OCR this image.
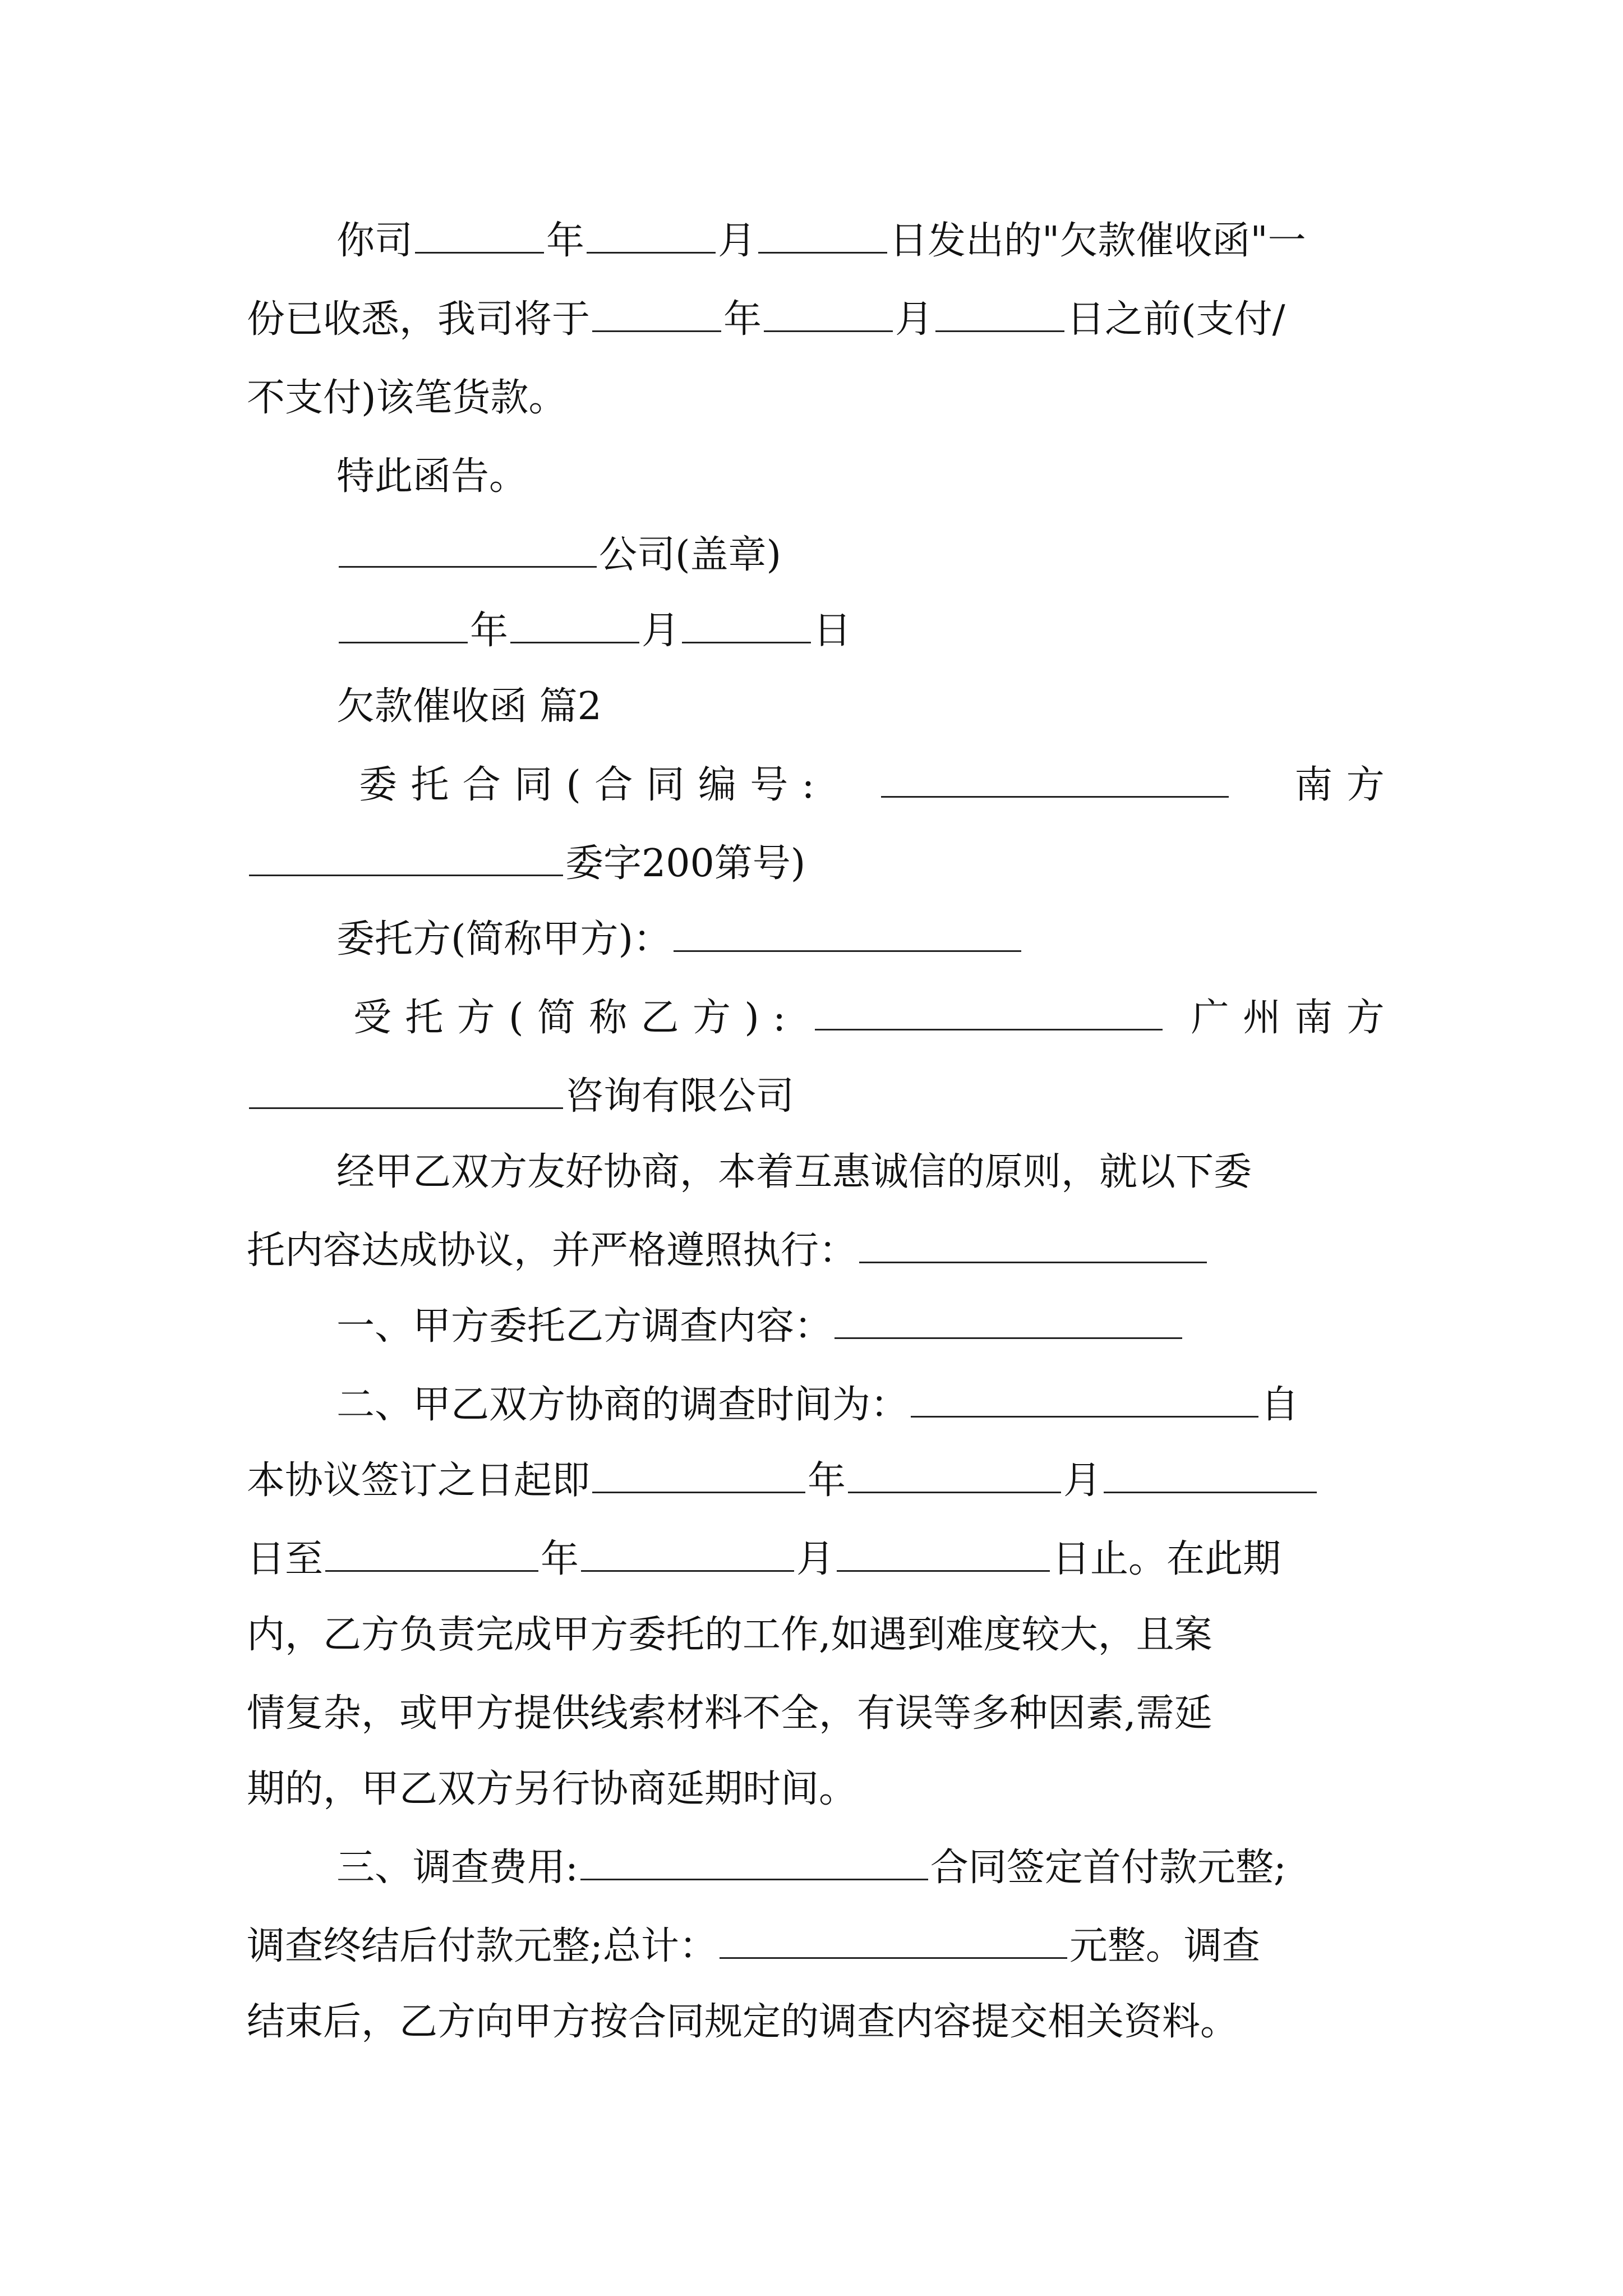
你司	年	月	日发出的"欠款催收函"一
份已收悉，我司将于	年	月	日之前(支付/
不支付)该笔货款。
特此函告。
公司(盖章)
年	月	日
欠款催收函 篇2
委 托 合 同 ( 合 同 编 号 :	南 方
委字200第号)
委托方(简称甲方)：
受 托 方 ( 简 称 乙 方 ) :	广 州 南 方
咨询有限公司
经甲乙双方友好协商，本着互惠诚信的原则，就以下委
托内容达成协议，并严格遵照执行：
一、甲方委托乙方调查内容：
二、甲乙双方协商的调查时间为：	自
本协议签订之日起即	年	月
日至	年	月	日止。在此期
内，乙方负责完成甲方委托的工作,如遇到难度较大，且案
情复杂，或甲方提供线索材料不全，有误等多种因素,需延
期的，甲乙双方另行协商延期时间。
三、调查费用:	合同签定首付款元整;
调查终结后付款元整;总计：	元整。调查
结束后，乙方向甲方按合同规定的调查内容提交相关资料。
